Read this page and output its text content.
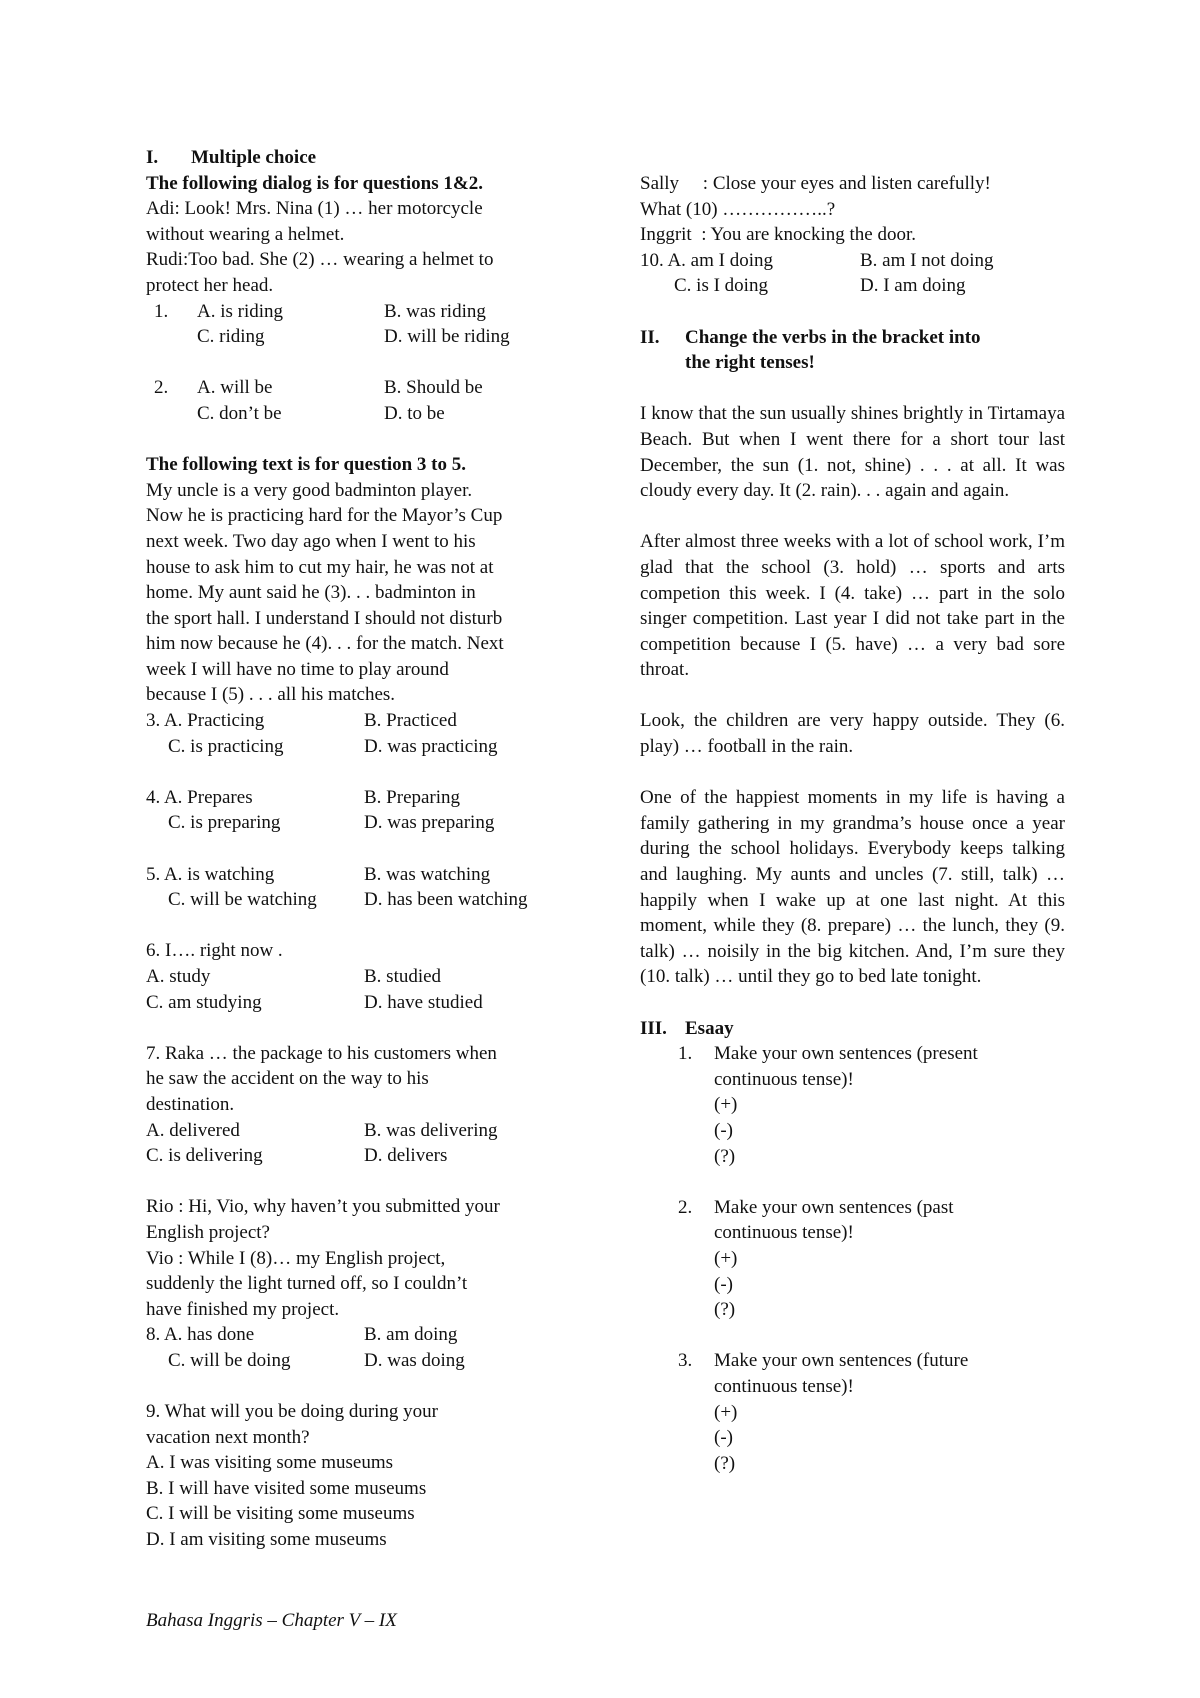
I.	Multiple choice
The following dialog is for questions 1&2.
Adi: Look! Mrs. Nina (1) … her motorcycle
without wearing a helmet.
Rudi:Too bad. She (2) … wearing a helmet to
protect her head.
1.	A. is riding	B. was riding
C. riding	D. will be riding
2.	A. will be	B. Should be
C. don’t be	D. to be
The following text is for question 3 to 5.
My uncle is a very good badminton player.
Now he is practicing hard for the Mayor’s Cup
next week. Two day ago when I went to his
house to ask him to cut my hair, he was not at
home. My aunt said he (3). . . badminton in
the sport hall. I understand I should not disturb
him now because he (4). . . for the match. Next
week I will have no time to play around
because I (5) . . . all his matches.
3. A. Practicing	B. Practiced
C. is practicing	D. was practicing
4. A. Prepares	B. Preparing
C. is preparing	D. was preparing
5. A. is watching	B. was watching
C. will be watching	D. has been watching
6. I…. right now .
A. study	B. studied
C. am studying	D. have studied
7. Raka … the package to his customers when
he saw the accident on the way to his
destination.
A. delivered	B. was delivering
C. is delivering	D. delivers
Rio : Hi, Vio, why haven’t you submitted your
English project?
Vio : While I (8)… my English project,
suddenly the light turned off, so I couldn’t
have finished my project.
8. A. has done	B. am doing
C. will be doing	D. was doing
9. What will you be doing during your
vacation next month?
A. I was visiting some museums
B. I will have visited some museums
C. I will be visiting some museums
D. I am visiting some museums
Sally     : Close your eyes and listen carefully!
What (10) ……………..?
Inggrit  : You are knocking the door.
10. A. am I doing	B. am I not doing
C. is I doing	D. I am doing
II.	Change the verbs in the bracket into
the right tenses!
I know that the sun usually shines brightly in Tirtamaya Beach. But when I went there for a short tour last December, the sun (1. not, shine) . . . at all. It was cloudy every day. It (2. rain). . . again and again.
After almost three weeks with a lot of school work, I’m glad that the school (3. hold) … sports and arts competion this week. I (4. take) … part in the solo singer competition. Last year I did not take part in the competition because I (5. have) … a very bad sore throat.
Look, the children are very happy outside. They (6. play) … football in the rain.
One of the happiest moments in my life is having a family gathering in my grandma’s house once a year during the school holidays. Everybody keeps talking and laughing. My aunts and uncles (7. still, talk) … happily when I wake up at one last night. At this moment, while they (8. prepare) … the lunch, they (9. talk) … noisily in the big kitchen. And, I’m sure they (10. talk) … until they go to bed late tonight.
III. Esaay
1.	Make your own sentences (present
continuous tense)!
(+)
(-)
(?)
2.	Make your own sentences (past
continuous tense)!
(+)
(-)
(?)
3.	Make your own sentences (future
continuous tense)!
(+)
(-)
(?)
Bahasa Inggris – Chapter V – IX
